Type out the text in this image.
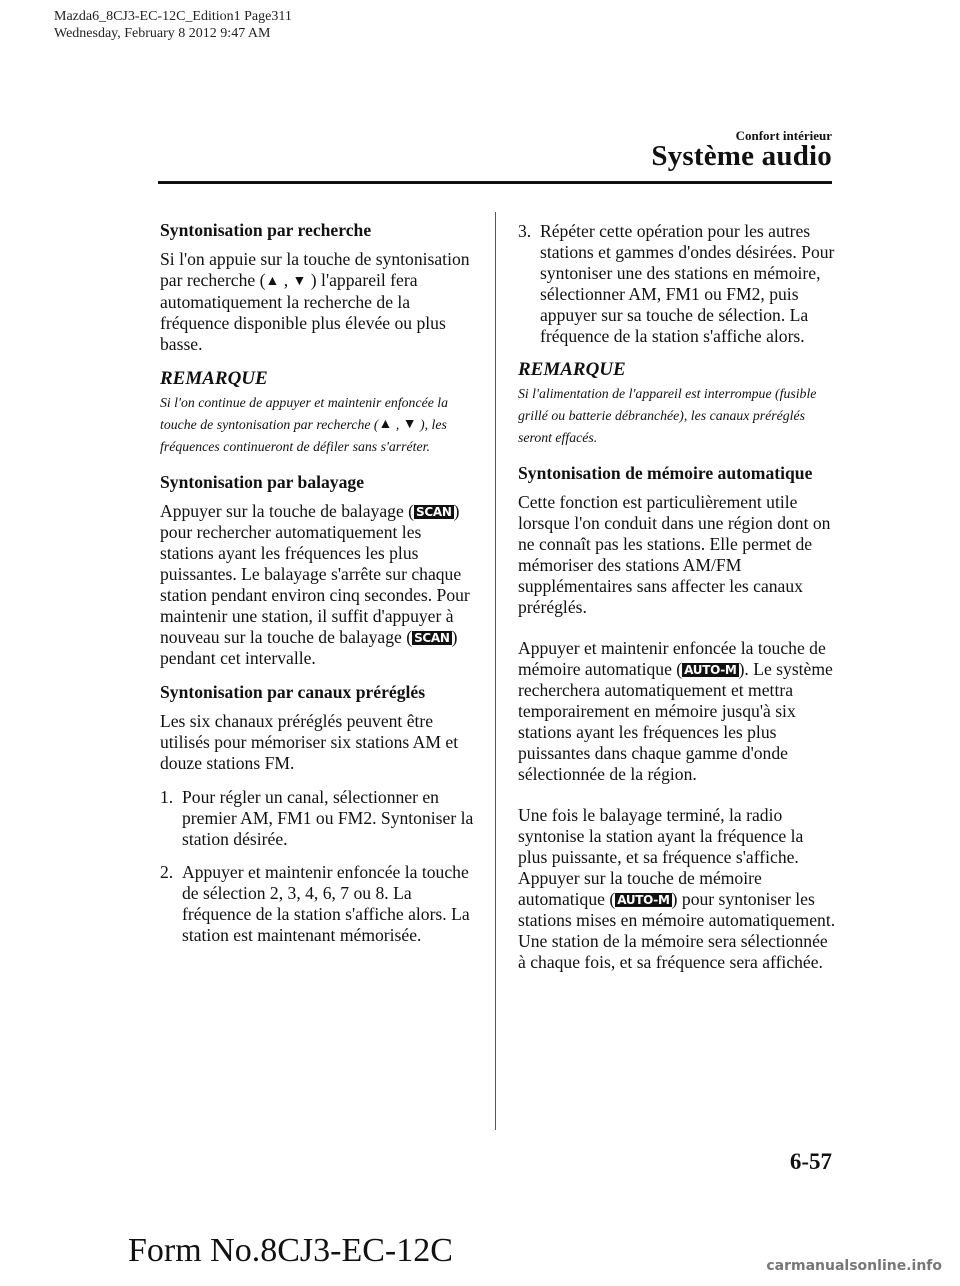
Mazda6_8CJ3-EC-12C_Edition1 Page311
Wednesday, February 8 2012 9:47 AM
Confort intérieur
Système audio
Syntonisation par recherche

Si l'on appuie sur la touche de syntonisation par recherche (▲ , ▼ ) l'appareil fera automatiquement la recherche de la fréquence disponible plus élevée ou plus basse.

REMARQUE
Si l'on continue de appuyer et maintenir enfoncée la touche de syntonisation par recherche (▲ , ▼ ), les fréquences continueront de défiler sans s'arréter.
Syntonisation par balayage

Appuyer sur la touche de balayage ( SCAN ) pour rechercher automatiquement les stations ayant les fréquences les plus puissantes. Le balayage s'arrête sur chaque station pendant environ cinq secondes. Pour maintenir une station, il suffit d'appuyer à nouveau sur la touche de balayage ( SCAN ) pendant cet intervalle.

Syntonisation par canaux préréglés

Les six chanaux préréglés peuvent être utilisés pour mémoriser six stations AM et douze stations FM.

1. Pour régler un canal, sélectionner en premier AM, FM1 ou FM2. Syntoniser la station désirée.
2. Appuyer et maintenir enfoncée la touche de sélection 2, 3, 4, 6, 7 ou 8. La fréquence de la station s'affiche alors. La station est maintenant mémorisée.
3. Répéter cette opération pour les autres stations et gammes d'ondes désirées. Pour syntoniser une des stations en mémoire, sélectionner AM, FM1 ou FM2, puis appuyer sur sa touche de sélection. La fréquence de la station s'affiche alors.
REMARQUE
Si l'alimentation de l'appareil est interrompue (fusible grillé ou batterie débranchée), les canaux préréglés seront effacés.
Syntonisation de mémoire automatique

Cette fonction est particulièrement utile lorsque l'on conduit dans une région dont on ne connaît pas les stations. Elle permet de mémoriser des stations AM/FM supplémentaires sans affecter les canaux préréglés.

Appuyer et maintenir enfoncée la touche de mémoire automatique ( AUTO-M ). Le système recherchera automatiquement et mettra temporairement en mémoire jusqu'à six stations ayant les fréquences les plus puissantes dans chaque gamme d'onde sélectionnée de la région.

Une fois le balayage terminé, la radio syntonise la station ayant la fréquence la plus puissante, et sa fréquence s'affiche. Appuyer sur la touche de mémoire automatique ( AUTO-M ) pour syntoniser les stations mises en mémoire automatiquement. Une station de la mémoire sera sélectionnée à chaque fois, et sa fréquence sera affichée.

6-57
Form No.8CJ3-EC-12C	carmanualsonline.info
